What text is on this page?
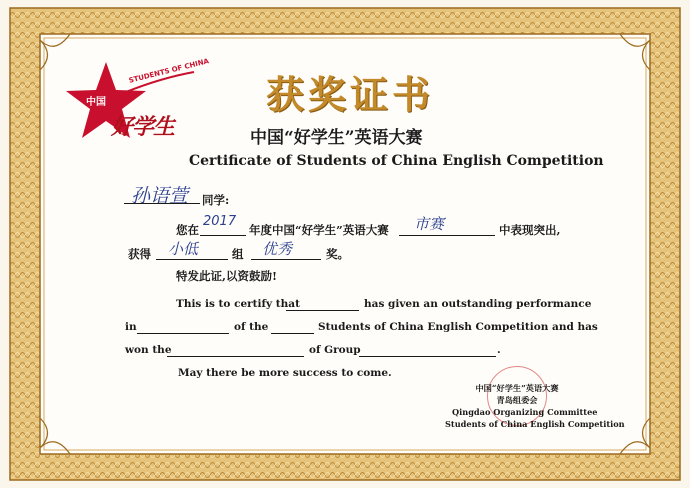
STUDENTS OF CHINA
中国
好学生
获奖证书
中国“好学生”英语大赛
Certificate of Students of China English Competition
孙语萱 同学:
您在
2017
年度中国“好学生”英语大赛 市赛	中表现突出,
获得 小低	组 优秀	奖。
特发此证,以资鼓励!
This is to certify that	has given an outstanding performance
in	of the	Students of China English Competition and has
won the	of Group	.
May there be more success to come.
中国“好学生”英语大赛
青岛组委会
Qingdao Organizing Committee
Students of China English Competition
